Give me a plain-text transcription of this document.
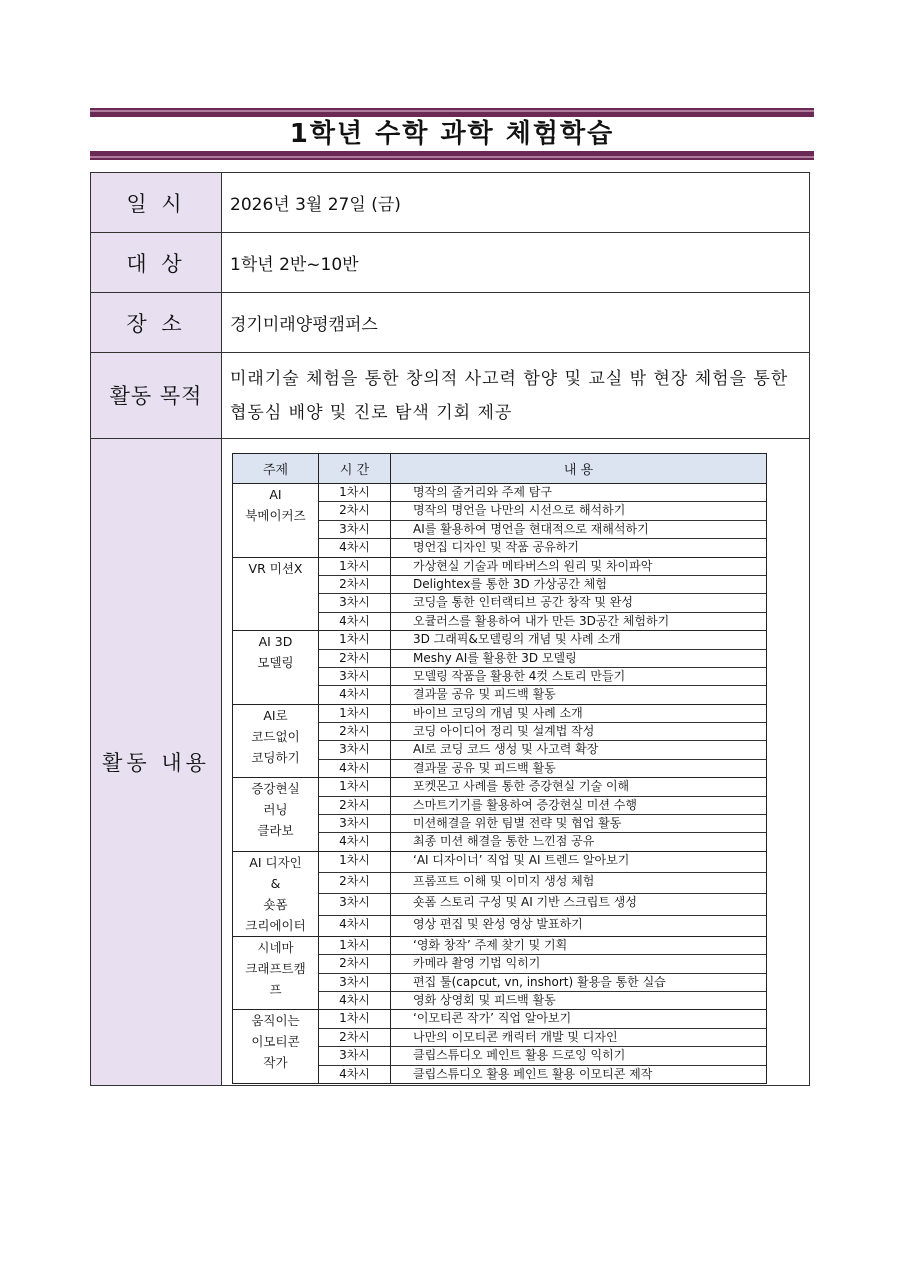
1학년 수학 과학 체험학습
일 시	2026년 3월 27일 (금)
대 상	1학년 2반~10반
장 소	경기미래양평캠퍼스
활동 목적	미래기술 체험을 통한 창의적 사고력 함양 및 교실 밖 현장 체험을 통한 협동심 배양 및 진로 탐색 기회 제공
활동 내용	
주제	시 간	내 용

AI
북메이커즈
	1차시	명작의 줄거리와 주제 탐구
2차시	명작의 명언을 나만의 시선으로 해석하기
3차시	AI를 활용하여 명언을 현대적으로 재해석하기
4차시	명언집 디자인 및 작품 공유하기

VR 미션X	1차시	가상현실 기술과 메타버스의 원리 및 차이파악
2차시	Delightex를 통한 3D 가상공간 체험
3차시	코딩을 통한 인터랙티브 공간 창작 및 완성
4차시	오큘러스를 활용하여 내가 만든 3D공간 체험하기

AI 3D
모델링
	1차시	3D 그래픽&모델링의 개념 및 사례 소개
2차시	Meshy AI를 활용한 3D 모델링
3차시	모델링 작품을 활용한 4컷 스토리 만들기
4차시	결과물 공유 및 피드백 활동

AI로
코드없이
코딩하기
	1차시	바이브 코딩의 개념 및 사례 소개
2차시	코딩 아이디어 정리 및 설계법 작성
3차시	AI로 코딩 코드 생성 및 사고력 확장
4차시	결과물 공유 및 피드백 활동

증강현실
러닝
클라보
	1차시	포켓몬고 사례를 통한 증강현실 기술 이해
2차시	스마트기기를 활용하여 증강현실 미션 수행
3차시	미션해결을 위한 팀별 전략 및 협업 활동
4차시	최종 미션 해결을 통한 느낀점 공유

AI 디자인
&
숏폼
크리에이터
	1차시	‘AI 디자이너’ 직업 및 AI 트렌드 알아보기
2차시	프롬프트 이해 및 이미지 생성 체험
3차시	숏폼 스토리 구성 및 AI 기반 스크립트 생성
4차시	영상 편집 및 완성 영상 발표하기

시네마
크래프트캠
프
	1차시	‘영화 창작’ 주제 찾기 및 기획
2차시	카메라 촬영 기법 익히기
3차시	편집 툴(capcut, vn, inshort) 활용을 통한 실습
4차시	영화 상영회 및 피드백 활동

움직이는
이모티콘
작가
	1차시	‘이모티콘 작가’ 직업 알아보기
2차시	나만의 이모티콘 캐릭터 개발 및 디자인
3차시	클립스튜디오 페인트 활용 드로잉 익히기
4차시	클립스튜디오 활용 페인트 활용 이모티콘 제작
